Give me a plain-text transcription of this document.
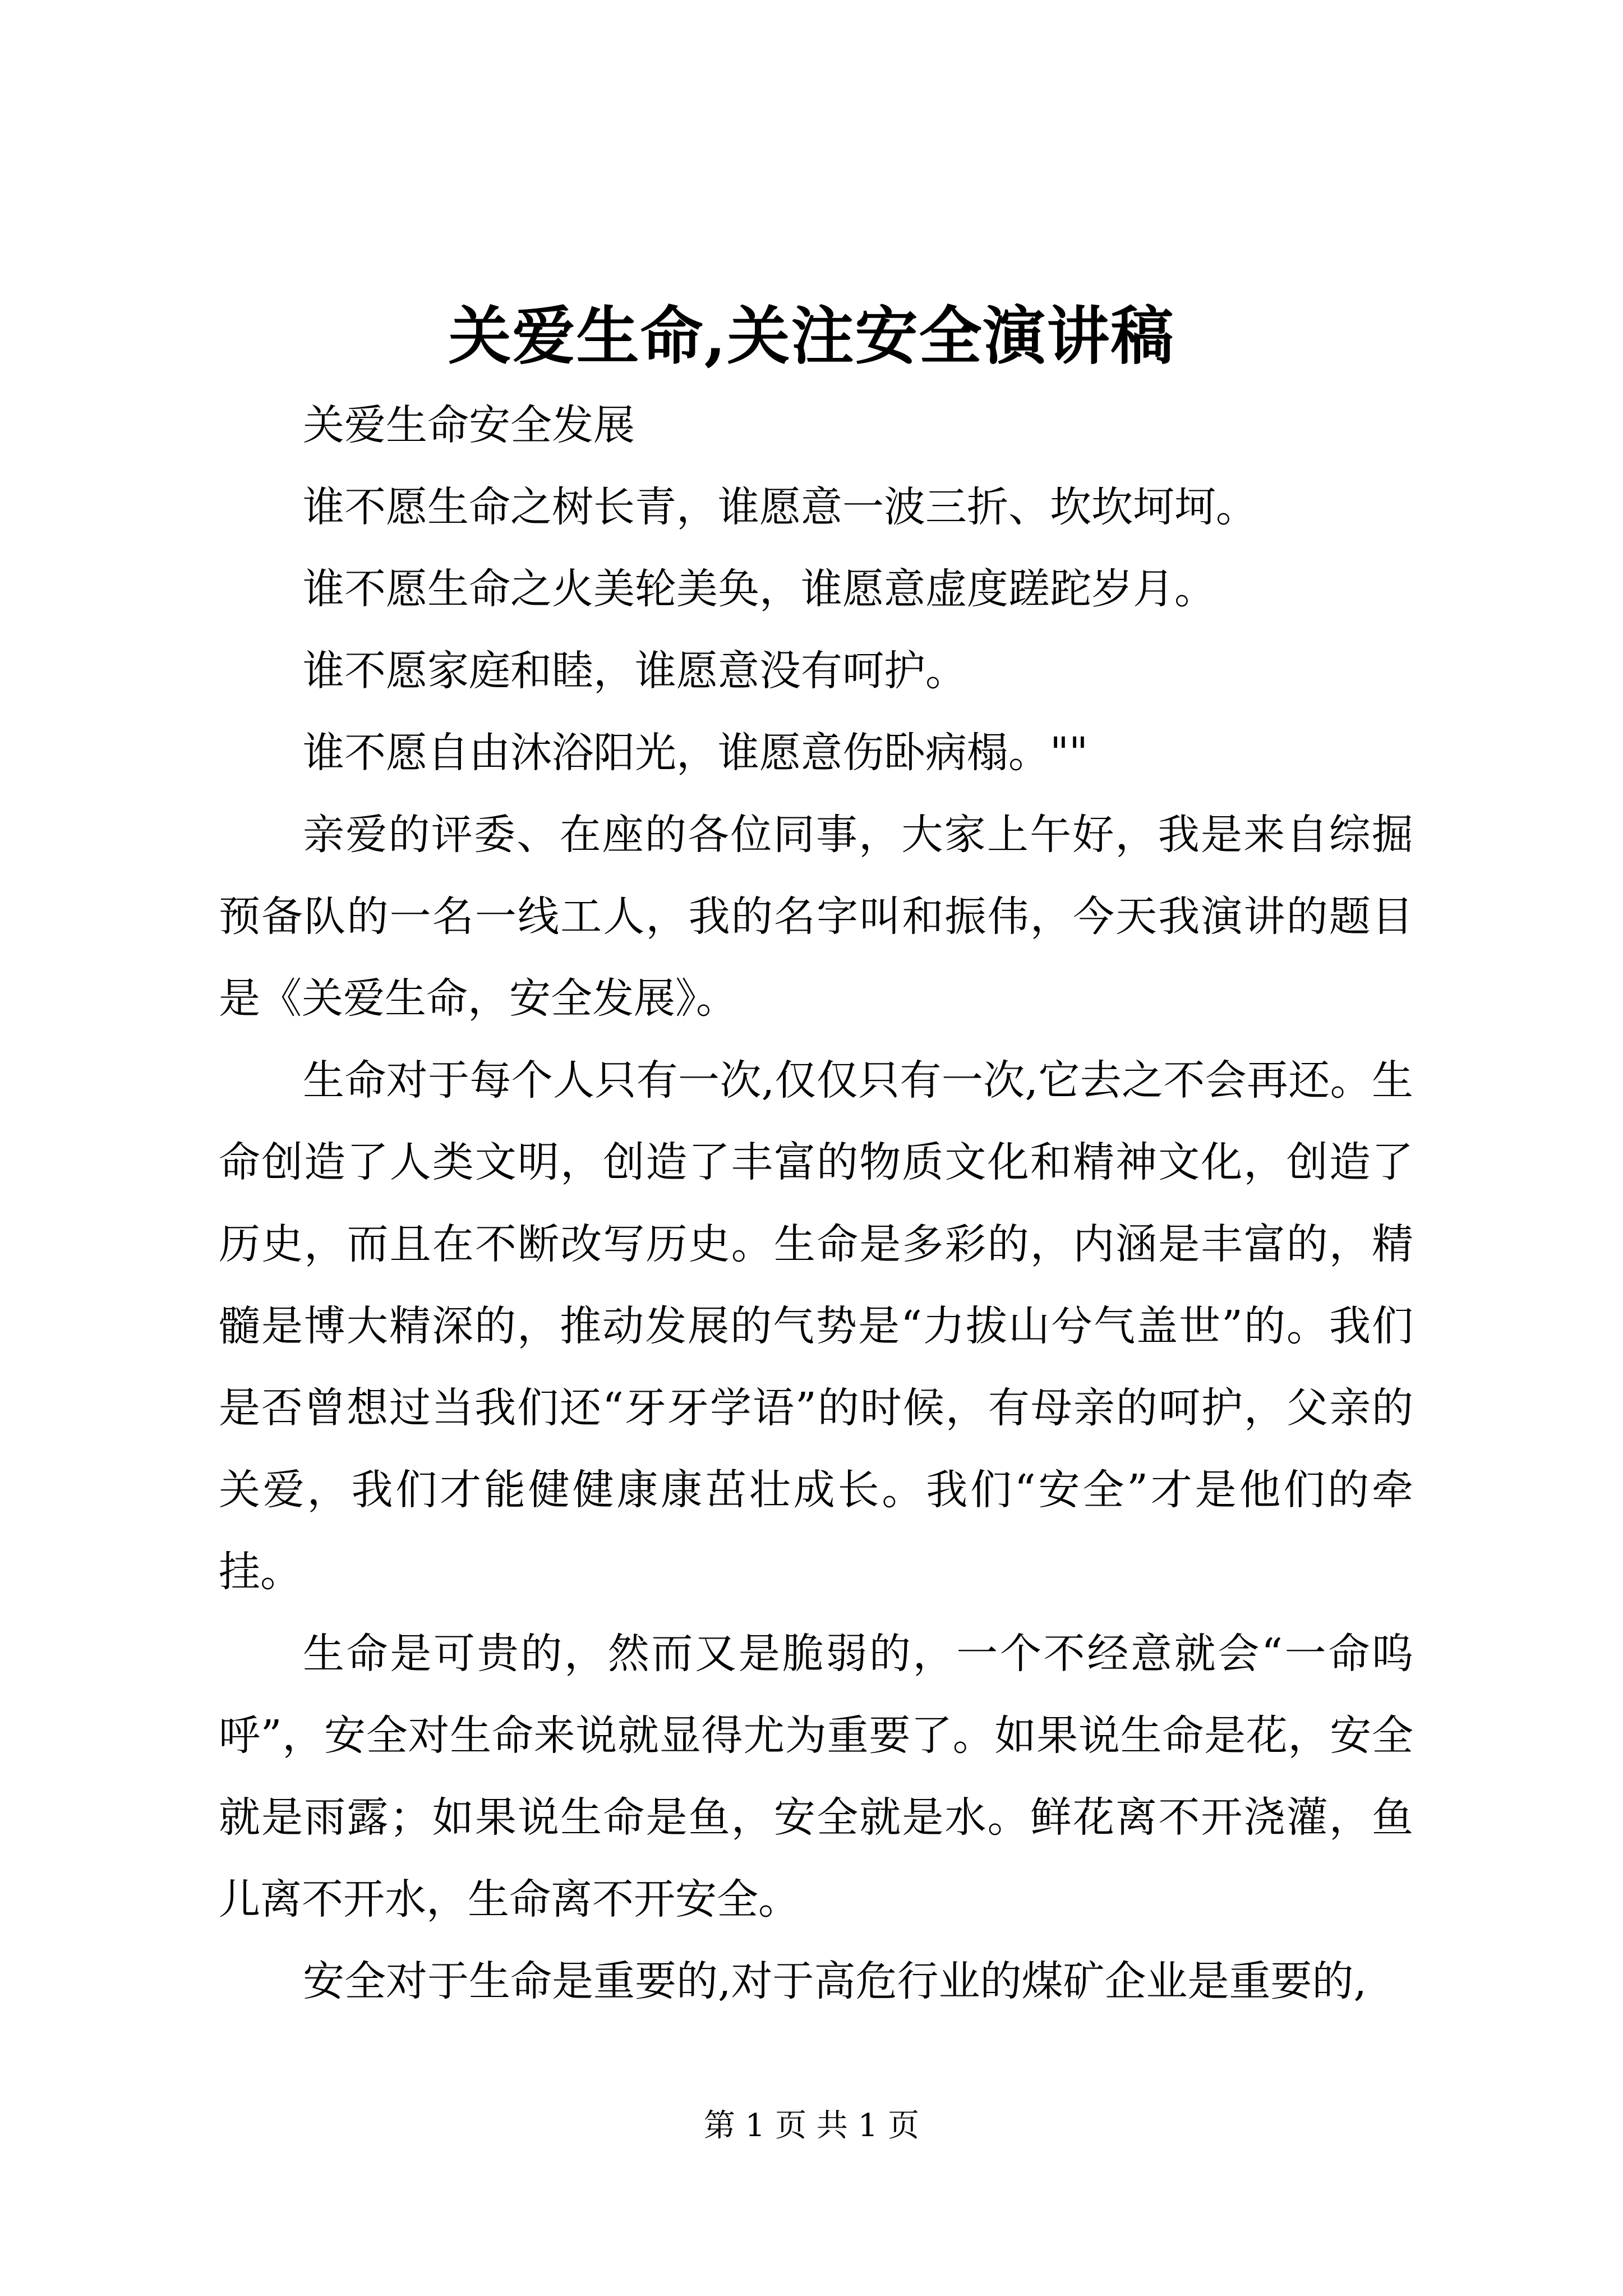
关爱生命,关注安全演讲稿

关爱生命安全发展

谁不愿生命之树长青，谁愿意一波三折、坎坎坷坷。

谁不愿生命之火美轮美奂，谁愿意虚度蹉跎岁月。

谁不愿家庭和睦，谁愿意没有呵护。

谁不愿自由沐浴阳光，谁愿意伤卧病榻。""

亲爱的评委、在座的各位同事，大家上午好，我是来自综掘预备队的一名一线工人，我的名字叫和振伟，今天我演讲的题目是《关爱生命，安全发展》。

生命对于每个人只有一次,仅仅只有一次,它去之不会再还。生命创造了人类文明，创造了丰富的物质文化和精神文化，创造了历史，而且在不断改写历史。生命是多彩的，内涵是丰富的，精髓是博大精深的，推动发展的气势是“力拔山兮气盖世”的。我们是否曾想过当我们还“牙牙学语”的时候，有母亲的呵护，父亲的关爱，我们才能健健康康茁壮成长。我们“安全”才是他们的牵挂。

生命是可贵的，然而又是脆弱的，一个不经意就会“一命呜呼”，安全对生命来说就显得尤为重要了。如果说生命是花，安全就是雨露；如果说生命是鱼，安全就是水。鲜花离不开浇灌，鱼儿离不开水，生命离不开安全。

安全对于生命是重要的,对于高危行业的煤矿企业是重要的,

第 1 页 共 1 页
